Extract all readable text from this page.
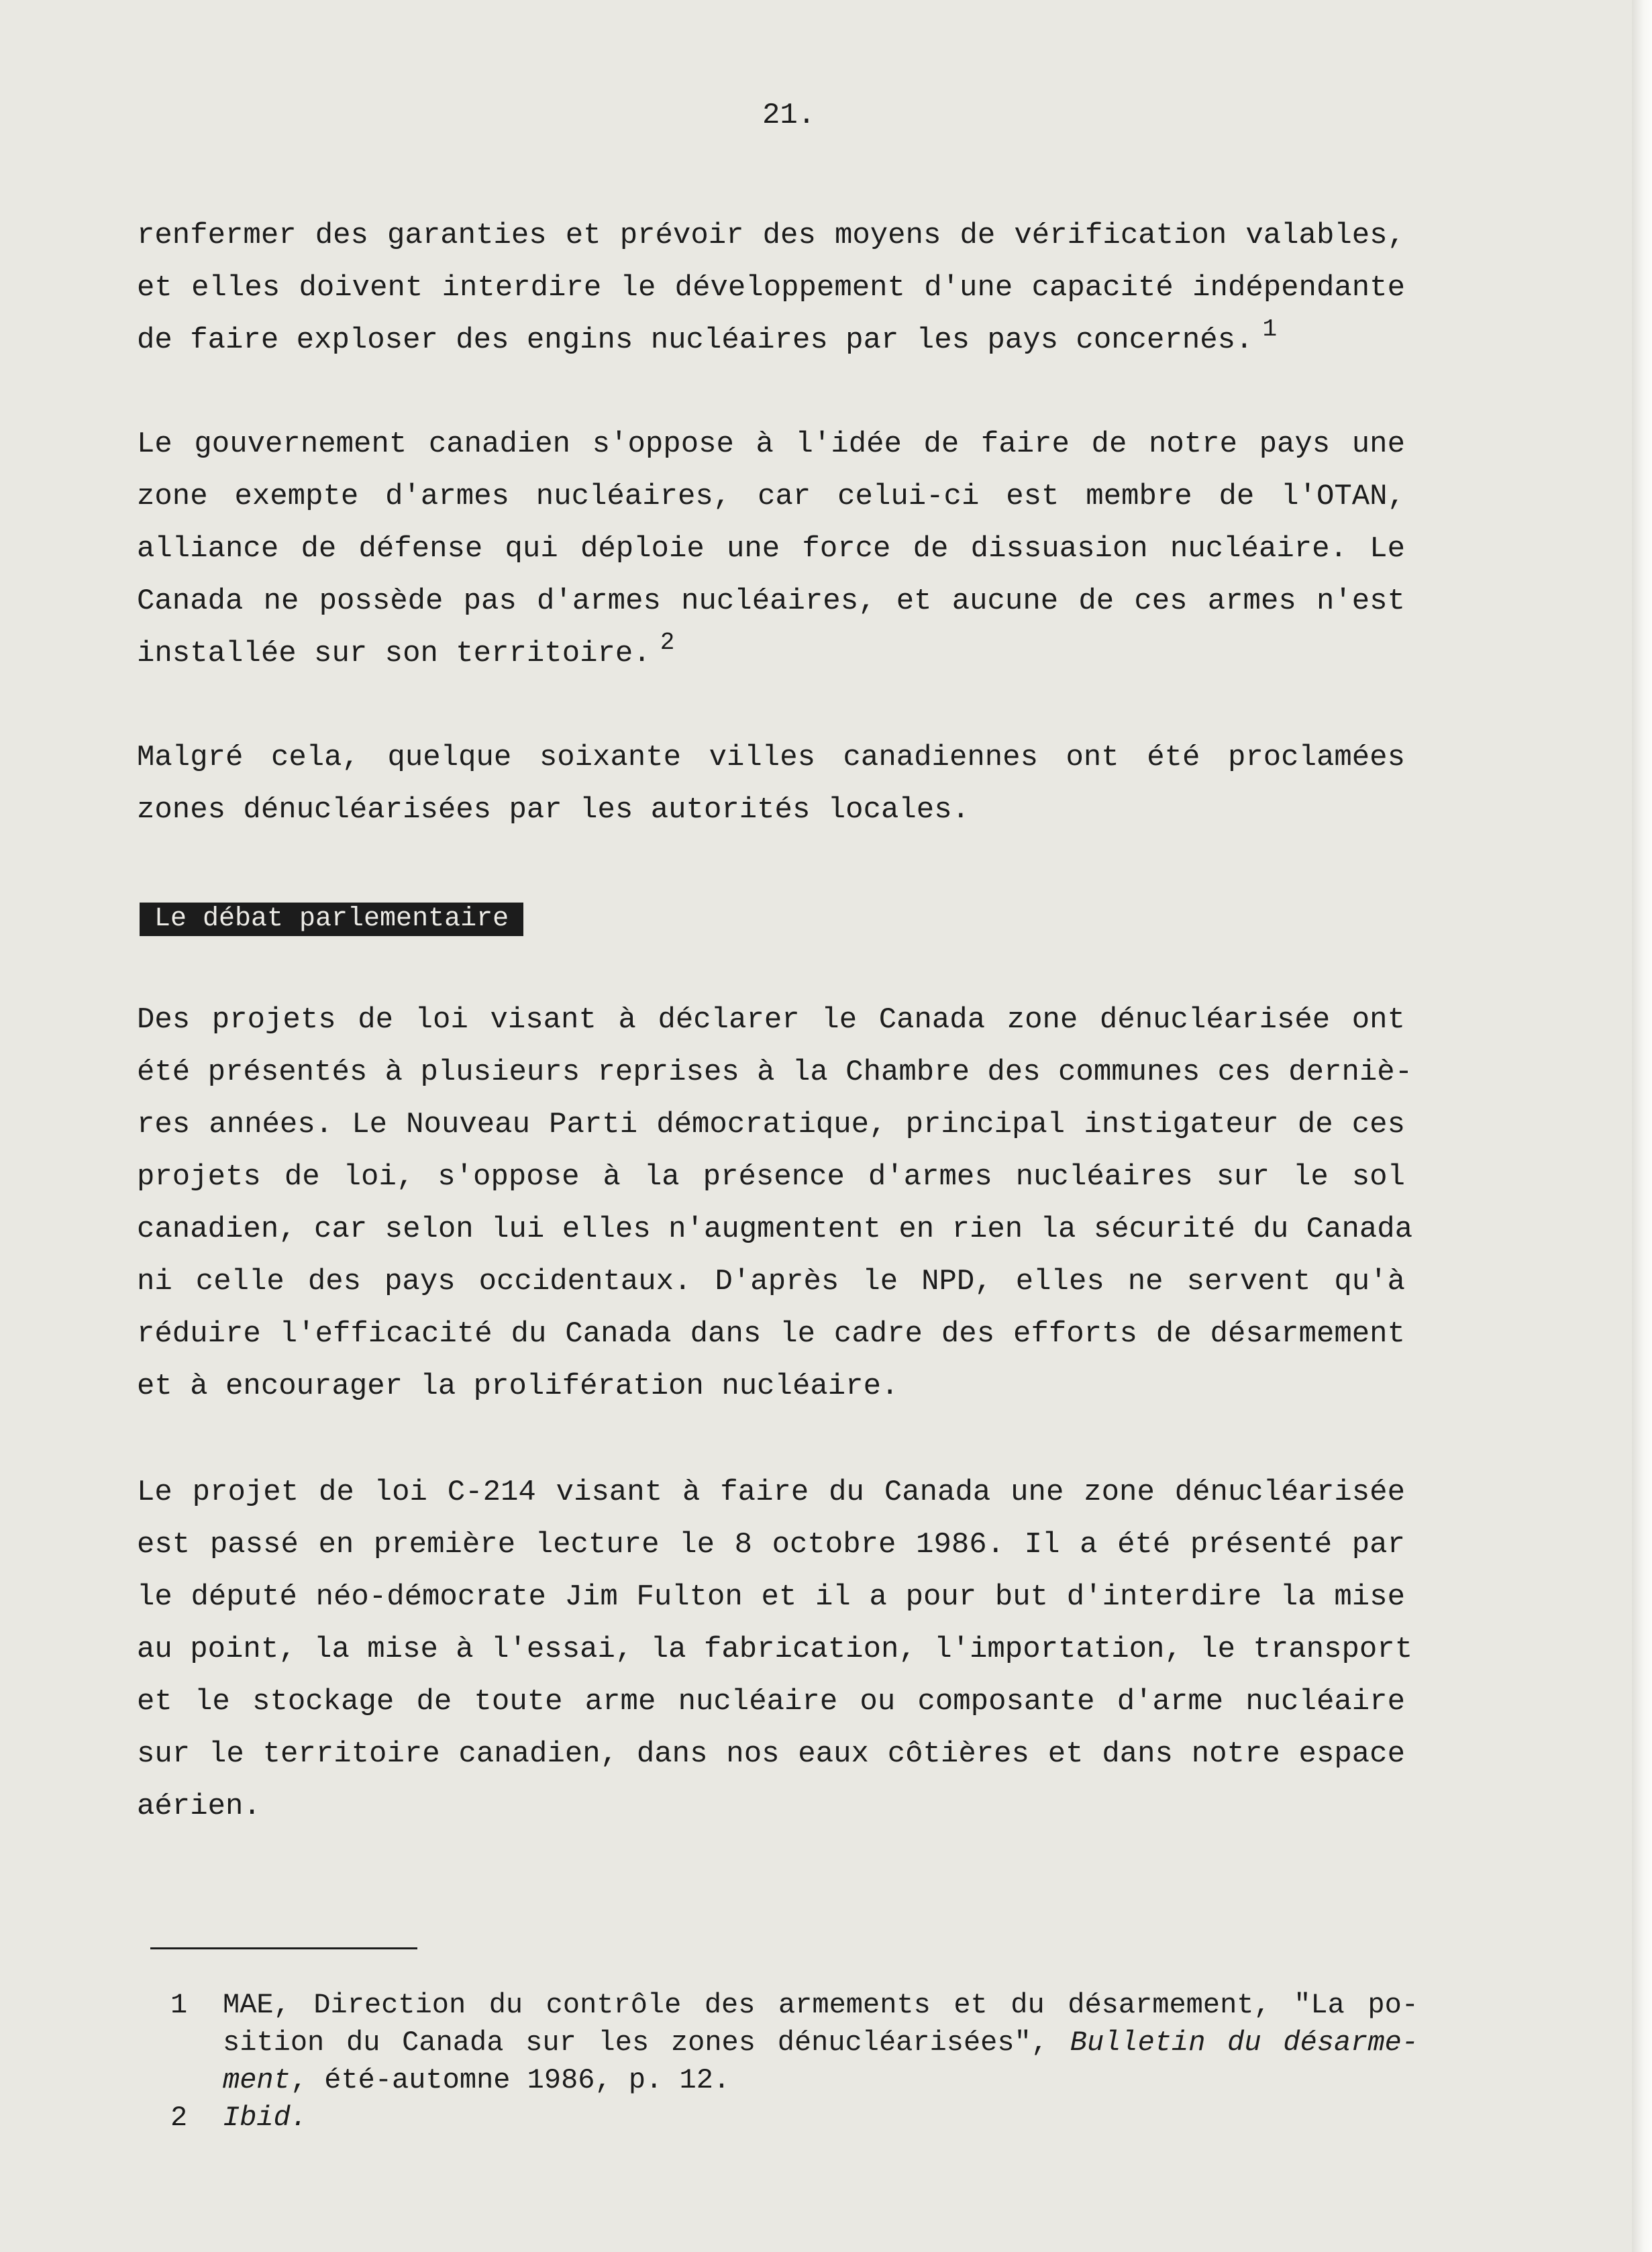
21.
renfermer des garanties et prévoir des moyens de vérification valables,
et elles doivent interdire le développement d'une capacité indépendante
de faire exploser des engins nucléaires par les pays concernés. $^1$
Le gouvernement canadien s'oppose à l'idée de faire de notre pays une
zone exempte d'armes nucléaires, car celui-ci est membre de l'OTAN,
alliance de défense qui déploie une force de dissuasion nucléaire. Le
Canada ne possède pas d'armes nucléaires, et aucune de ces armes n'est
installée sur son territoire. $^2$
Malgré cela, quelque soixante villes canadiennes ont été proclamées
zones dénucléarisées par les autorités locales.
Le débat parlementaire
Des projets de loi visant à déclarer le Canada zone dénucléarisée ont
été présentés à plusieurs reprises à la Chambre des communes ces derniè-
res années. Le Nouveau Parti démocratique, principal instigateur de ces
projets de loi, s'oppose à la présence d'armes nucléaires sur le sol
canadien, car selon lui elles n'augmentent en rien la sécurité du Canada
ni celle des pays occidentaux. D'après le NPD, elles ne servent qu'à
réduire l'efficacité du Canada dans le cadre des efforts de désarmement
et à encourager la prolifération nucléaire.
Le projet de loi C-214 visant à faire du Canada une zone dénucléarisée
est passé en première lecture le 8 octobre 1986. Il a été présenté par
le député néo-démocrate Jim Fulton et il a pour but d'interdire la mise
au point, la mise à l'essai, la fabrication, l'importation, le transport
et le stockage de toute arme nucléaire ou composante d'arme nucléaire
sur le territoire canadien, dans nos eaux côtières et dans notre espace
aérien.
1 MAE, Direction du contrôle des armements et du désarmement, "La po-
sition du Canada sur les zones dénucléarisées", Bulletin du désarme-
ment, été-automne 1986, p. 12.
2 Ibid.
